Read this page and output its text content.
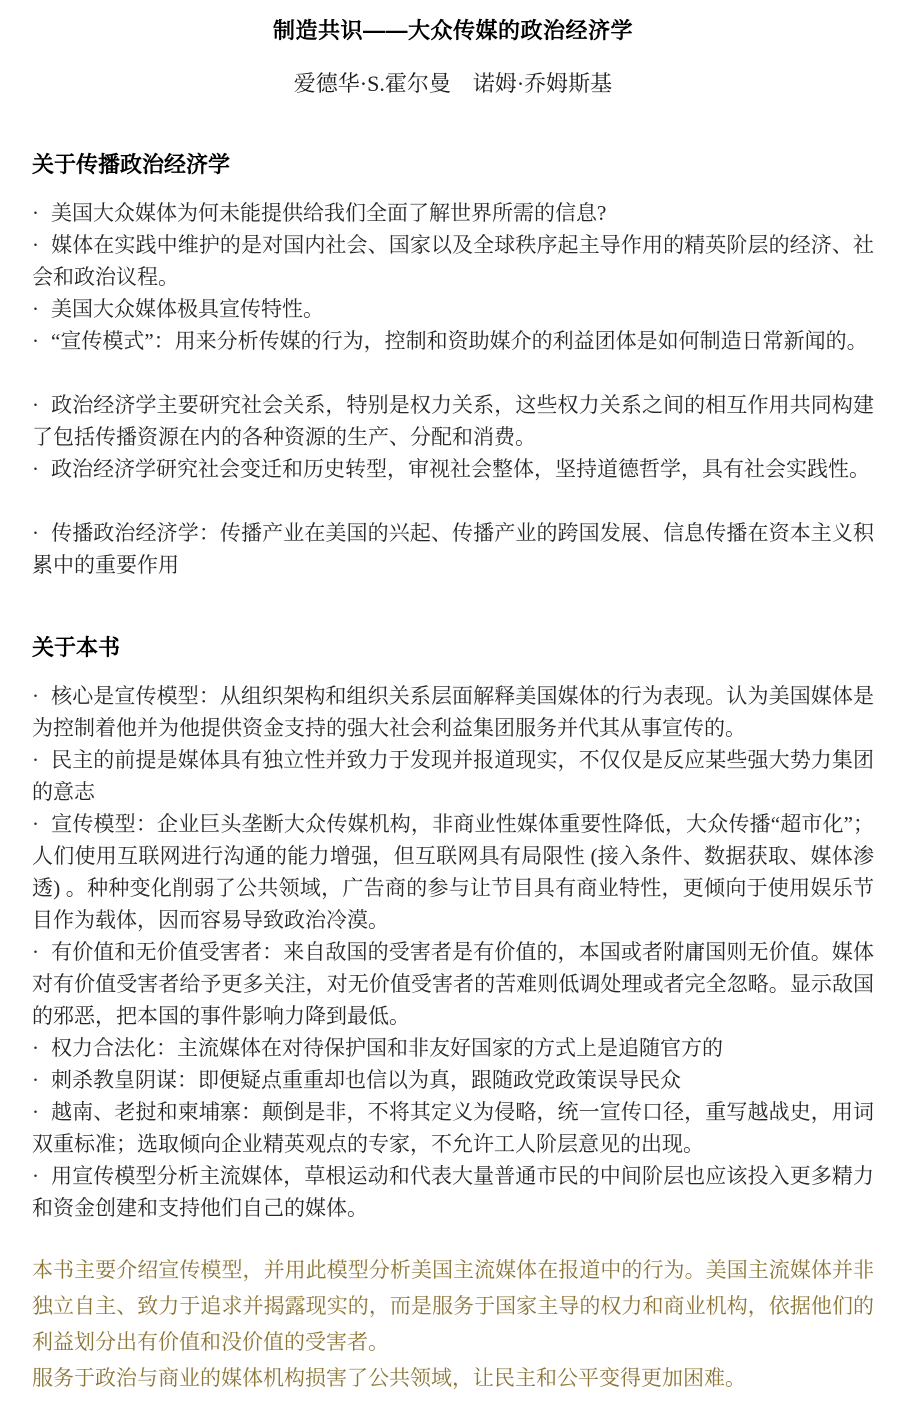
制造共识——大众传媒的政治经济学
爱德华·S.霍尔曼　诺姆·乔姆斯基
关于传播政治经济学

· 美国大众媒体为何未能提供给我们全面了解世界所需的信息?

· 媒体在实践中维护的是对国内社会、国家以及全球秩序起主导作用的精英阶层的经济、社会和政治议程。

· 美国大众媒体极具宣传特性。

· “宣传模式”：用来分析传媒的行为，控制和资助媒介的利益团体是如何制造日常新闻的。

· 政治经济学主要研究社会关系，特别是权力关系，这些权力关系之间的相互作用共同构建了包括传播资源在内的各种资源的生产、分配和消费。

· 政治经济学研究社会变迁和历史转型，审视社会整体，坚持道德哲学，具有社会实践性。

· 传播政治经济学：传播产业在美国的兴起、传播产业的跨国发展、信息传播在资本主义积累中的重要作用

关于本书

· 核心是宣传模型：从组织架构和组织关系层面解释美国媒体的行为表现。认为美国媒体是为控制着他并为他提供资金支持的强大社会利益集团服务并代其从事宣传的。

· 民主的前提是媒体具有独立性并致力于发现并报道现实，不仅仅是反应某些强大势力集团的意志

· 宣传模型：企业巨头垄断大众传媒机构，非商业性媒体重要性降低，大众传播“超市化”；人们使用互联网进行沟通的能力增强，但互联网具有局限性 (接入条件、数据获取、媒体渗透) 。种种变化削弱了公共领域，广告商的参与让节目具有商业特性，更倾向于使用娱乐节目作为载体，因而容易导致政治冷漠。

· 有价值和无价值受害者：来自敌国的受害者是有价值的，本国或者附庸国则无价值。媒体对有价值受害者给予更多关注，对无价值受害者的苦难则低调处理或者完全忽略。显示敌国的邪恶，把本国的事件影响力降到最低。

· 权力合法化：主流媒体在对待保护国和非友好国家的方式上是追随官方的

· 刺杀教皇阴谋：即便疑点重重却也信以为真，跟随政党政策误导民众

· 越南、老挝和柬埔寨：颠倒是非，不将其定义为侵略，统一宣传口径，重写越战史，用词双重标准；选取倾向企业精英观点的专家，不允许工人阶层意见的出现。

· 用宣传模型分析主流媒体，草根运动和代表大量普通市民的中间阶层也应该投入更多精力和资金创建和支持他们自己的媒体。

本书主要介绍宣传模型，并用此模型分析美国主流媒体在报道中的行为。美国主流媒体并非独立自主、致力于追求并揭露现实的，而是服务于国家主导的权力和商业机构，依据他们的利益划分出有价值和没价值的受害者。

服务于政治与商业的媒体机构损害了公共领域，让民主和公平变得更加困难。
